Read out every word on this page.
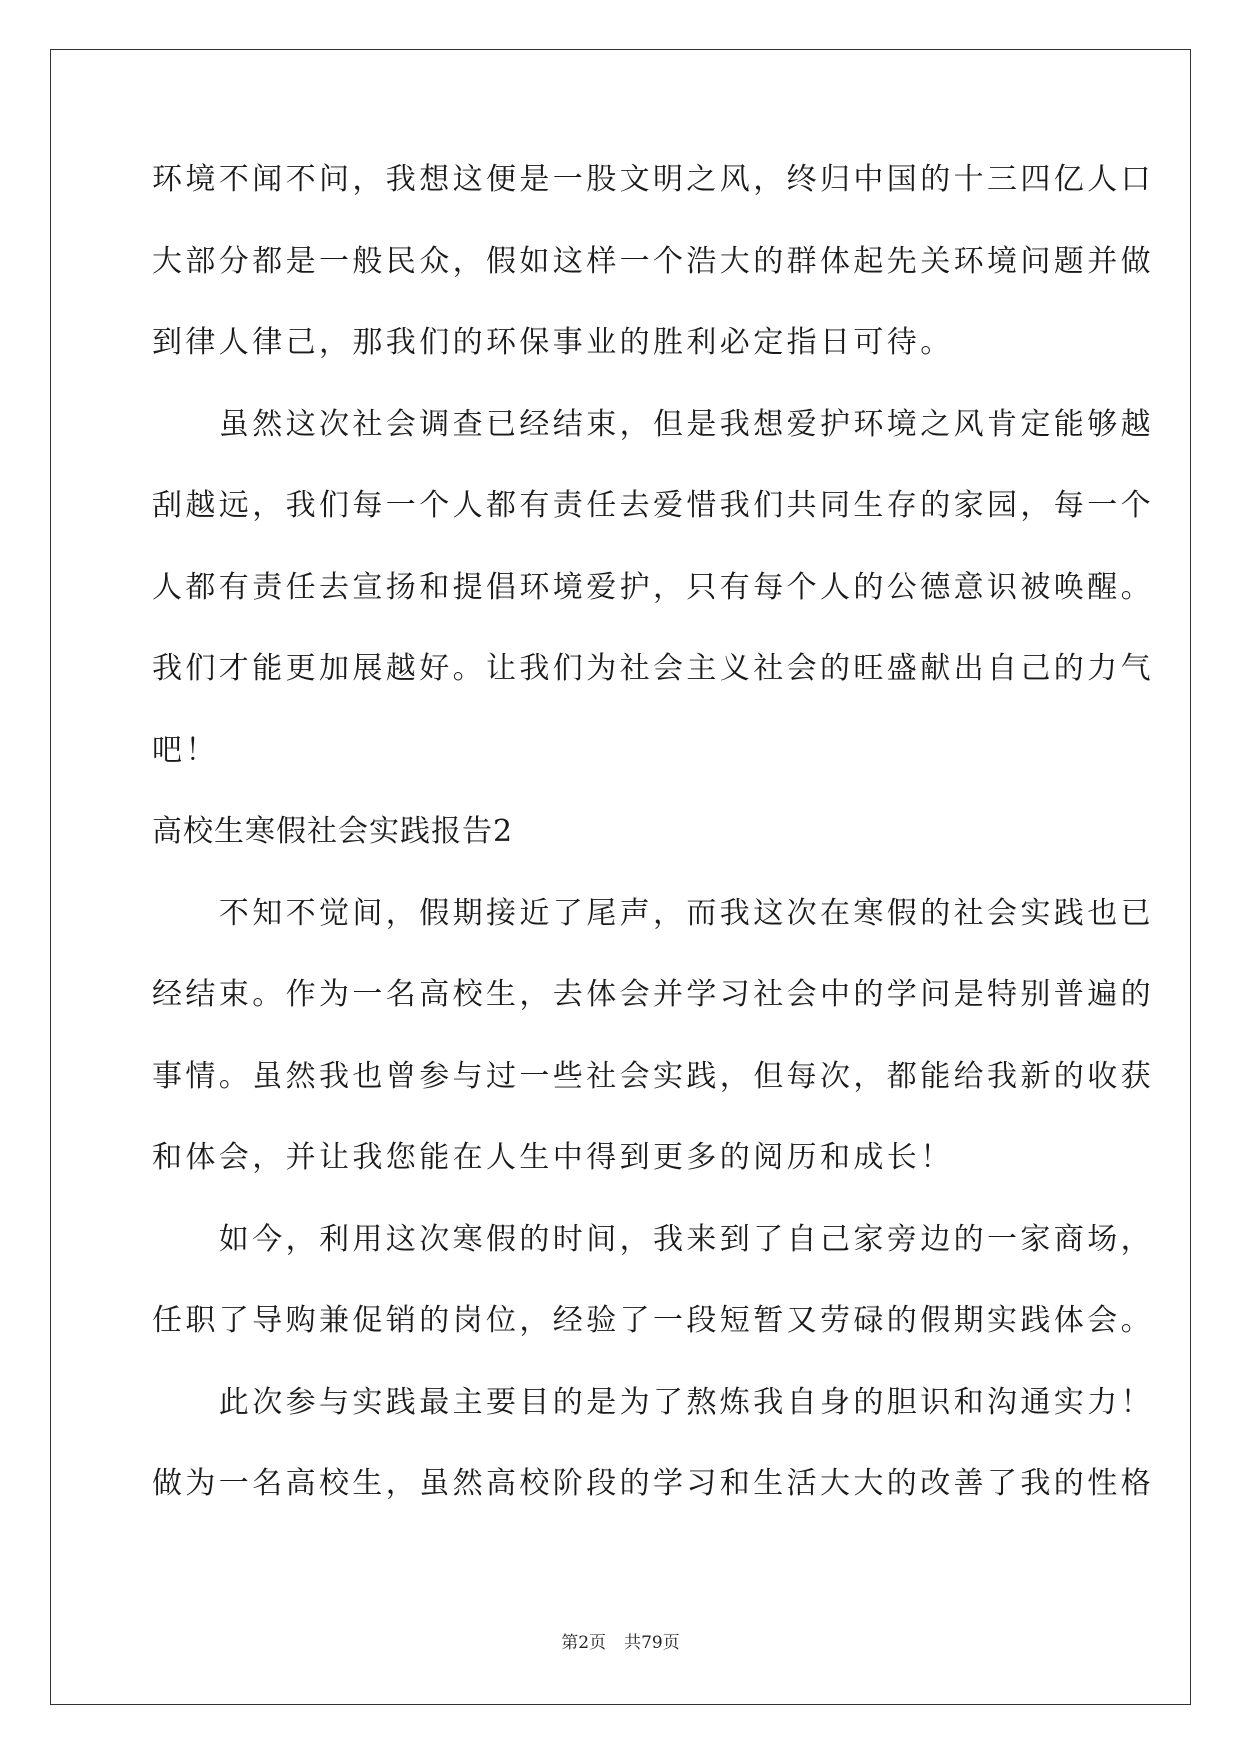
环境不闻不问，我想这便是一股文明之风，终归中国的十三四亿人口
大部分都是一般民众，假如这样一个浩大的群体起先关环境问题并做
到律人律己，那我们的环保事业的胜利必定指日可待。
　　虽然这次社会调查已经结束，但是我想爱护环境之风肯定能够越
刮越远，我们每一个人都有责任去爱惜我们共同生存的家园，每一个
人都有责任去宣扬和提倡环境爱护，只有每个人的公德意识被唤醒。
我们才能更加展越好。让我们为社会主义社会的旺盛献出自己的力气
吧！
高校生寒假社会实践报告2
　　不知不觉间，假期接近了尾声，而我这次在寒假的社会实践也已
经结束。作为一名高校生，去体会并学习社会中的学问是特别普遍的
事情。虽然我也曾参与过一些社会实践，但每次，都能给我新的收获
和体会，并让我您能在人生中得到更多的阅历和成长！
　　如今，利用这次寒假的时间，我来到了自己家旁边的一家商场，
任职了导购兼促销的岗位，经验了一段短暂又劳碌的假期实践体会。
　　此次参与实践最主要目的是为了熬炼我自身的胆识和沟通实力！
做为一名高校生，虽然高校阶段的学习和生活大大的改善了我的性格
第2页 共79页
